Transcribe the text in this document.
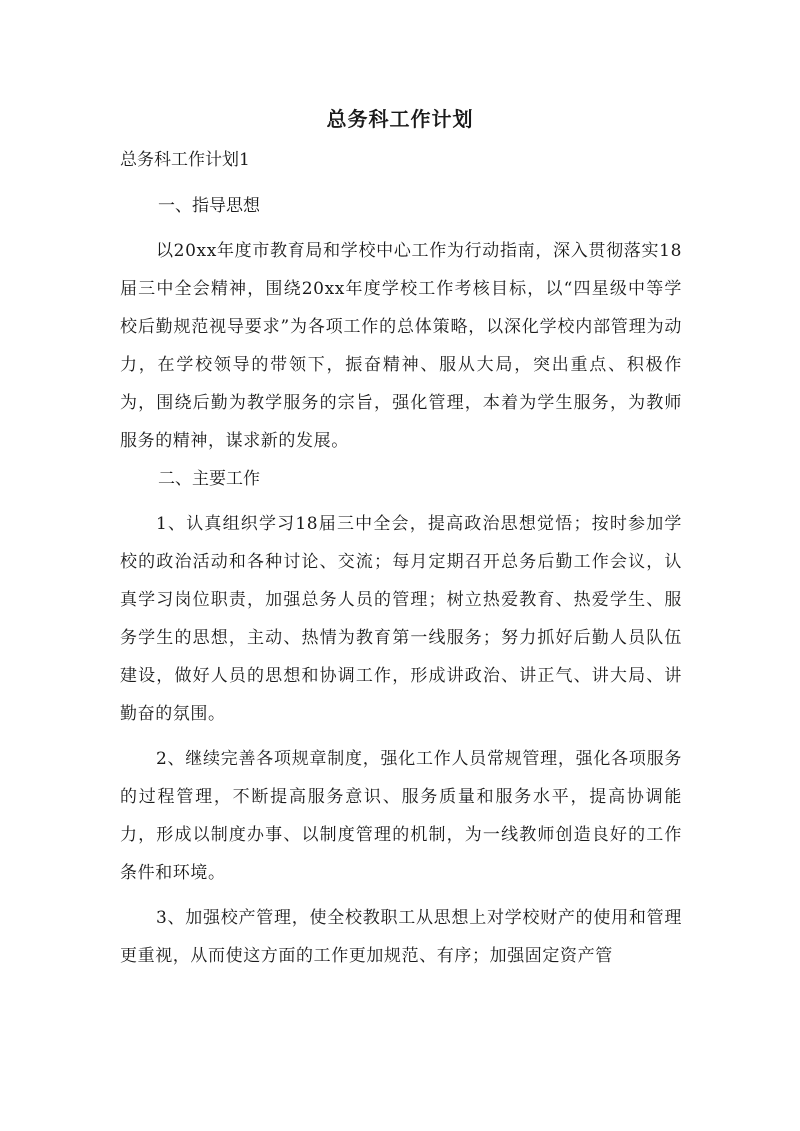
总务科工作计划

总务科工作计划1

一、指导思想

以20xx年度市教育局和学校中心工作为行动指南，深入贯彻落实18届三中全会精神，围绕20xx年度学校工作考核目标，以“四星级中等学校后勤规范视导要求”为各项工作的总体策略，以深化学校内部管理为动力，在学校领导的带领下，振奋精神、服从大局，突出重点、积极作为，围绕后勤为教学服务的宗旨，强化管理，本着为学生服务，为教师服务的精神，谋求新的发展。

二、主要工作

1、认真组织学习18届三中全会，提高政治思想觉悟；按时参加学校的政治活动和各种讨论、交流；每月定期召开总务后勤工作会议，认真学习岗位职责，加强总务人员的管理；树立热爱教育、热爱学生、服务学生的思想，主动、热情为教育第一线服务；努力抓好后勤人员队伍建设，做好人员的思想和协调工作，形成讲政治、讲正气、讲大局、讲勤奋的氛围。

2、继续完善各项规章制度，强化工作人员常规管理，强化各项服务的过程管理，不断提高服务意识、服务质量和服务水平，提高协调能力，形成以制度办事、以制度管理的机制，为一线教师创造良好的工作条件和环境。

3、加强校产管理，使全校教职工从思想上对学校财产的使用和管理更重视，从而使这方面的工作更加规范、有序；加强固定资产管
